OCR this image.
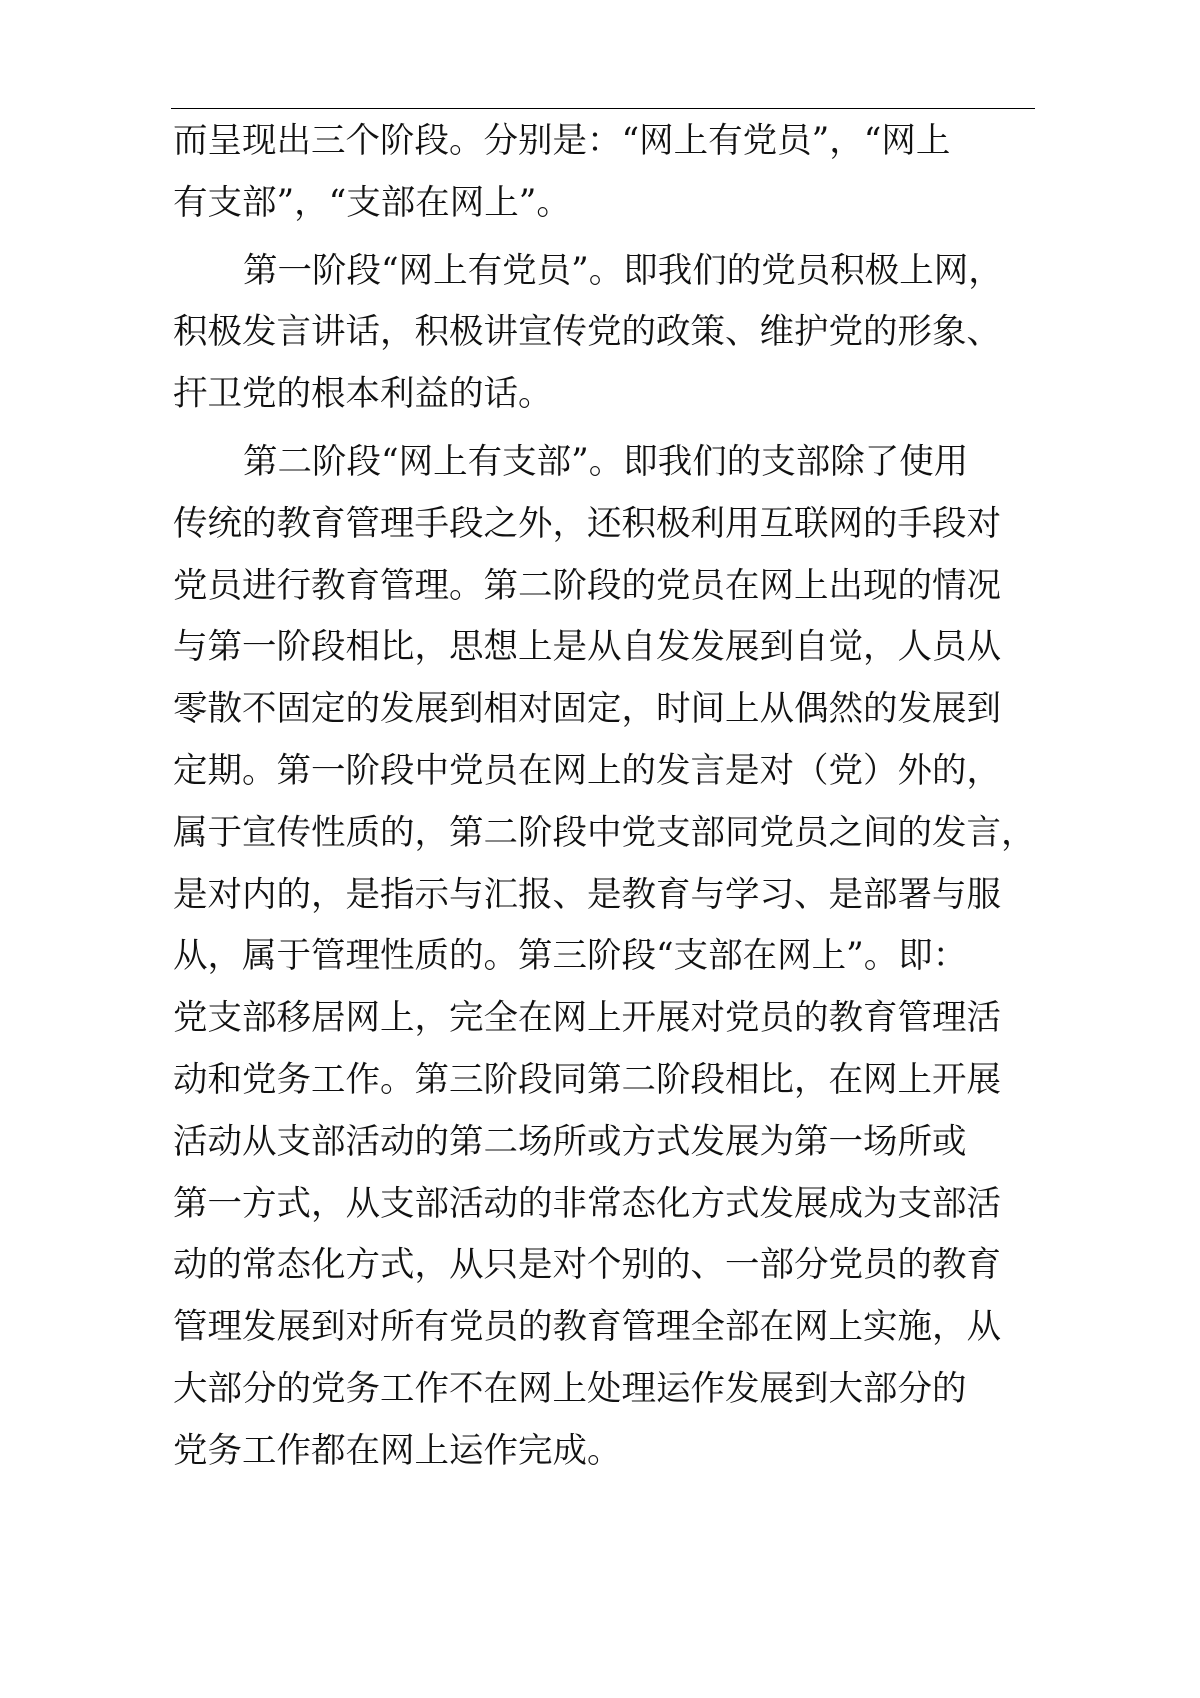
而呈现出三个阶段。分别是：“网上有党员”，“网上
有支部”，“支部在网上”。
第一阶段“网上有党员”。即我们的党员积极上网，
积极发言讲话，积极讲宣传党的政策、维护党的形象、
扞卫党的根本利益的话。
第二阶段“网上有支部”。即我们的支部除了使用
传统的教育管理手段之外，还积极利用互联网的手段对
党员进行教育管理。第二阶段的党员在网上出现的情况
与第一阶段相比，思想上是从自发发展到自觉，人员从
零散不固定的发展到相对固定，时间上从偶然的发展到
定期。第一阶段中党员在网上的发言是对（党）外的，
属于宣传性质的，第二阶段中党支部同党员之间的发言，
是对内的，是指示与汇报、是教育与学习、是部署与服
从，属于管理性质的。第三阶段“支部在网上”。即：
党支部移居网上，完全在网上开展对党员的教育管理活
动和党务工作。第三阶段同第二阶段相比，在网上开展
活动从支部活动的第二场所或方式发展为第一场所或
第一方式，从支部活动的非常态化方式发展成为支部活
动的常态化方式，从只是对个别的、一部分党员的教育
管理发展到对所有党员的教育管理全部在网上实施，从
大部分的党务工作不在网上处理运作发展到大部分的
党务工作都在网上运作完成。
